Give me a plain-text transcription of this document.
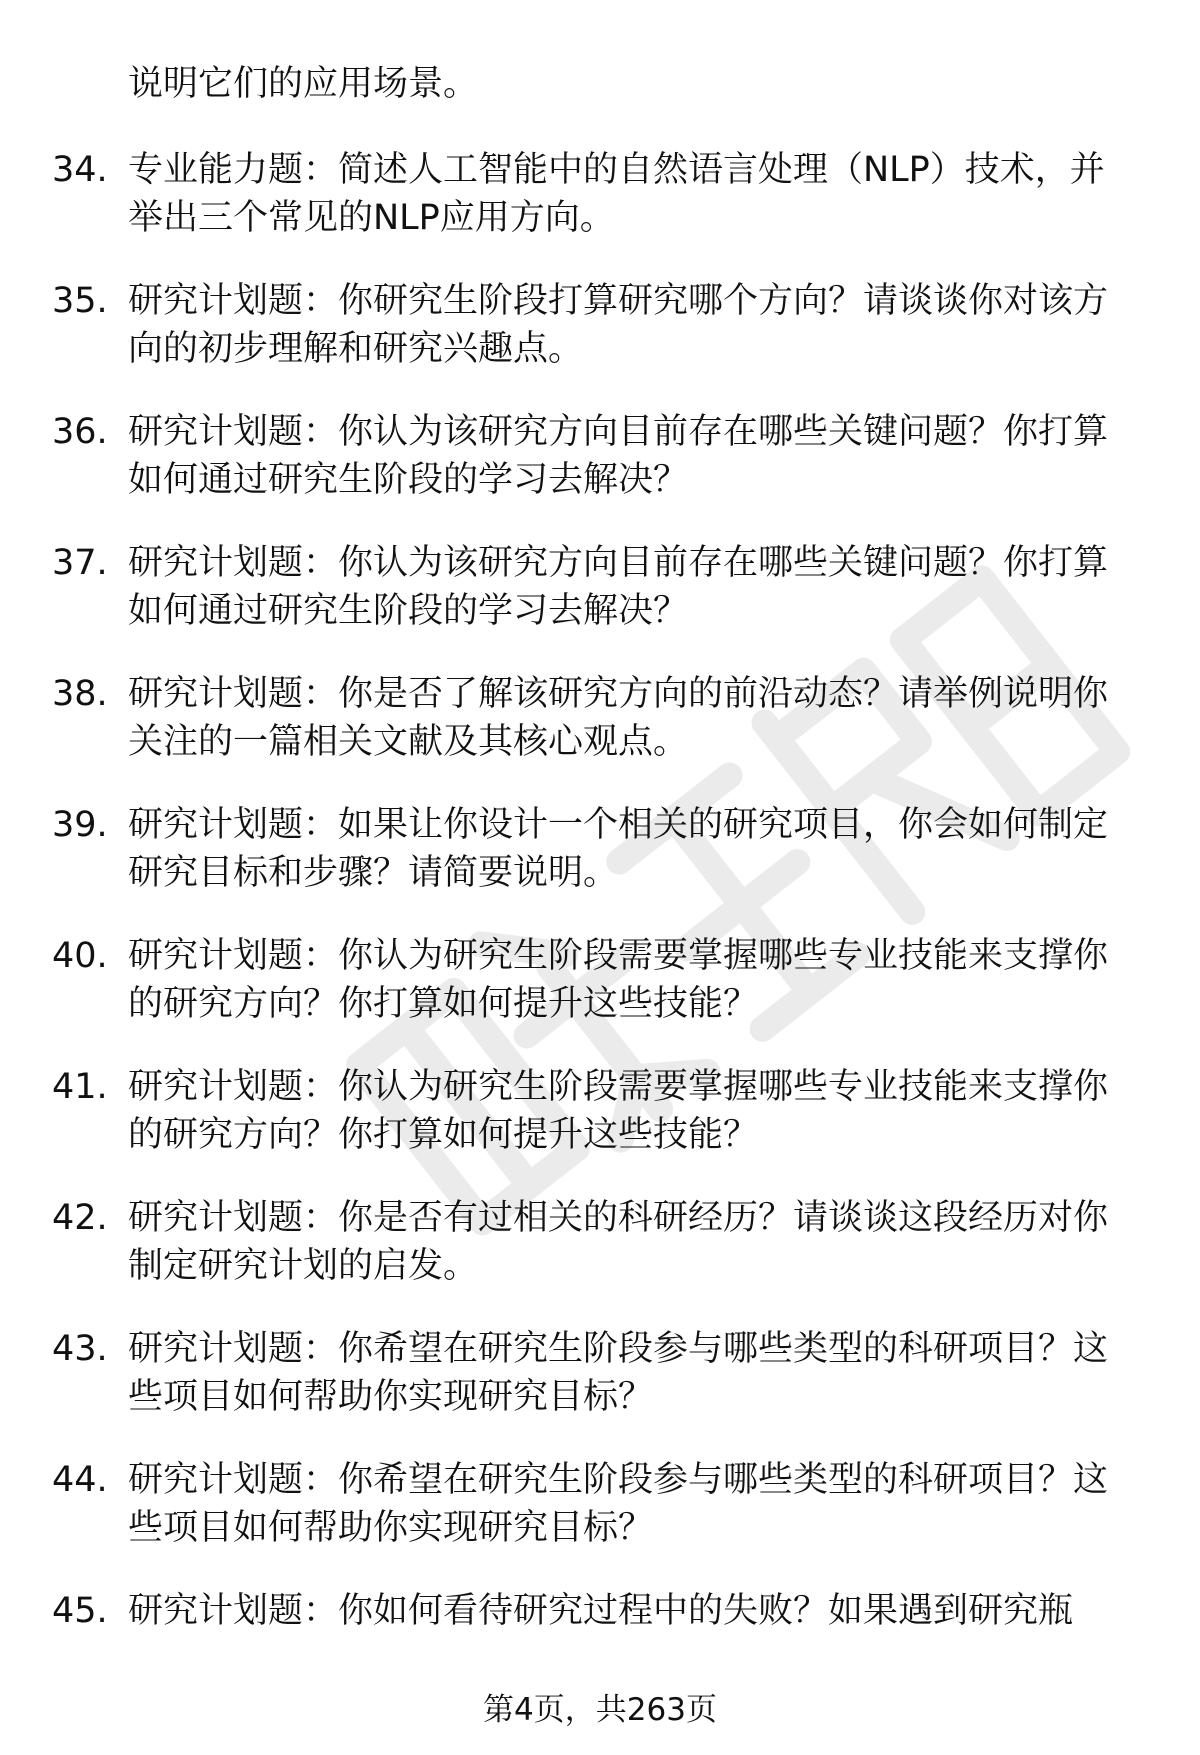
说明它们的应用场景。
34. 专业能力题：简述人工智能中的自然语言处理（NLP）技术，并
举出三个常见的NLP应用方向。
35. 研究计划题：你研究生阶段打算研究哪个方向？请谈谈你对该方
向的初步理解和研究兴趣点。
36. 研究计划题：你认为该研究方向目前存在哪些关键问题？你打算
如何通过研究生阶段的学习去解决？
37. 研究计划题：你认为该研究方向目前存在哪些关键问题？你打算
如何通过研究生阶段的学习去解决？
38. 研究计划题：你是否了解该研究方向的前沿动态？请举例说明你
关注的一篇相关文献及其核心观点。
39. 研究计划题：如果让你设计一个相关的研究项目，你会如何制定
研究目标和步骤？请简要说明。
40. 研究计划题：你认为研究生阶段需要掌握哪些专业技能来支撑你
的研究方向？你打算如何提升这些技能？
41. 研究计划题：你认为研究生阶段需要掌握哪些专业技能来支撑你
的研究方向？你打算如何提升这些技能？
42. 研究计划题：你是否有过相关的科研经历？请谈谈这段经历对你
制定研究计划的启发。
43. 研究计划题：你希望在研究生阶段参与哪些类型的科研项目？这
些项目如何帮助你实现研究目标？
44. 研究计划题：你希望在研究生阶段参与哪些类型的科研项目？这
些项目如何帮助你实现研究目标？
45. 研究计划题：你如何看待研究过程中的失败？如果遇到研究瓶
第4页，共263页
